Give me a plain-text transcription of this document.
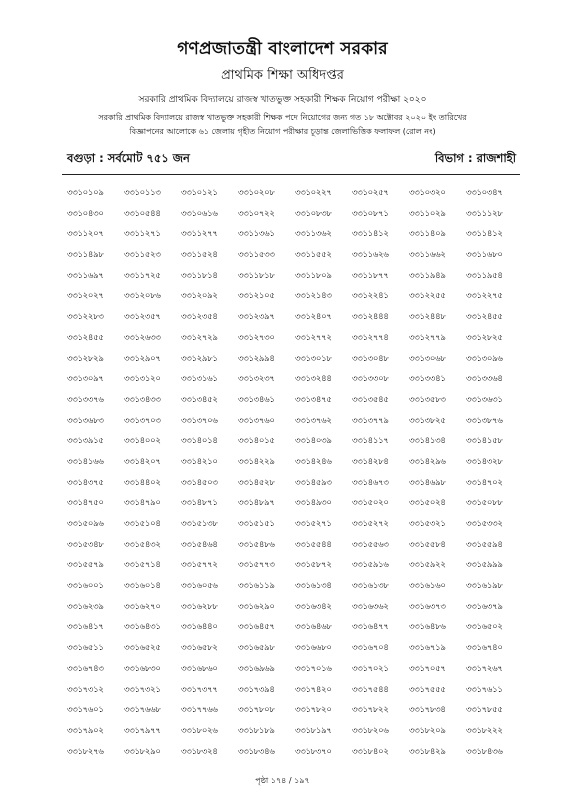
গণপ্রজাতন্ত্রী বাংলাদেশ সরকার
প্রাথমিক শিক্ষা অধিদপ্তর
সরকারি প্রাথমিক বিদ্যালয়ে রাজস্ব খাতভুক্ত সহকারী শিক্ষক নিয়োগ পরীক্ষা ২০২০
সরকারি প্রাথমিক বিদ্যালয়ে রাজস্ব খাতভুক্ত সহকারী শিক্ষক পদে নিয়োগের জন্য গত ১৮ অক্টোবর ২০২০ ইং তারিখের
বিজ্ঞাপনের আলোকে ৬১ জেলায় গৃহীত নিয়োগ পরীক্ষার চূড়ান্ত জেলাভিত্তিক ফলাফল (রোল নং)
বগুড়া : সর্বমোট ৭৫১ জন	বিভাগ : রাজশাহী
৩৩১০১০৯	৩৩১০১১৩	৩৩১০১২১	৩৩১০২০৮	৩৩১০২২৭	৩৩১০২৫৭	৩৩১০৩২০	৩৩১০৩৪৭
৩৩১০৪৩০	৩৩১০৫৪৪	৩৩১০৬১৬	৩৩১০৭২২	৩৩১০৮৩৮	৩৩১০৮৭১	৩৩১১০২৯	৩৩১১১২৮
৩৩১১২০৭	৩৩১১২৭১	৩৩১১২৭৭	৩৩১১৩৬১	৩৩১১৩৬২	৩৩১১৪১২	৩৩১১৪০৯	৩৩১১৪১২
৩৩১১৪৯৮	৩৩১১৫২৩	৩৩১১৫২৪	৩৩১১৫৩৩	৩৩১১৫৫২	৩৩১১৬২৬	৩৩১১৬৬২	৩৩১১৬৮০
৩৩১১৬৯৭	৩৩১১৭২৫	৩৩১১৮১৪	৩৩১১৮১৮	৩৩১১৮০৯	৩৩১১৮৭৭	৩৩১১৯৪৯	৩৩১১৯৫৪
৩৩১২০২৭	৩৩১২০৮৬	৩৩১২০৯২	৩৩১২১০৫	৩৩১২১৪৩	৩৩১২২৪১	৩৩১২২৫৫	৩৩১২২৭৫
৩৩১২২৮৩	৩৩১২৩৫৭	৩৩১২৩৫৪	৩৩১২৩৯৭	৩৩১২৪০৭	৩৩১২৪৪৪	৩৩১২৪৪৮	৩৩১২৪৫৫
৩৩১২৪৫৫	৩৩১২৬৩৩	৩৩১২৭২৯	৩৩১২৭৩০	৩৩১২৭৭২	৩৩১২৭৭৪	৩৩১২৭৭৯	৩৩১২৮২৫
৩৩১২৮২৯	৩৩১২৯০৭	৩৩১২৯৮১	৩৩১২৯৯৪	৩৩১৩০১৮	৩৩১৩০৪৮	৩৩১৩০৬৮	৩৩১৩০৯৬
৩৩১৩০৯৭	৩৩১৩১২০	৩৩১৩১৬১	৩৩১৩২৩৭	৩৩১৩২৪৪	৩৩১৩৩০৮	৩৩১৩৩৪১	৩৩১৩৩৬৪
৩৩১৩৩৭৬	৩৩১৩৪৩৩	৩৩১৩৪৫২	৩৩১৩৪৬১	৩৩১৩৪৭৫	৩৩১৩৫৪৫	৩৩১৩৫৮৩	৩৩১৩৬৩১
৩৩১৩৬৮৩	৩৩১৩৭০৩	৩৩১৩৭০৬	৩৩১৩৭৬০	৩৩১৩৭৬২	৩৩১৩৭৭৯	৩৩১৩৮২৫	৩৩১৩৮৭৬
৩৩১৩৯১৫	৩৩১৪০০২	৩৩১৪০১৪	৩৩১৪০১৫	৩৩১৪০৩৯	৩৩১৪১১৭	৩৩১৪১৩৪	৩৩১৪১৫৮
৩৩১৪১৬৬	৩৩১৪২০৭	৩৩১৪২১০	৩৩১৪২২৯	৩৩১৪২৪৬	৩৩১৪২৮৪	৩৩১৪২৯৬	৩৩১৪৩২৮
৩৩১৪৩৭৫	৩৩১৪৪০২	৩৩১৪৫০৩	৩৩১৪৫২৮	৩৩১৪৫৯৩	৩৩১৪৬৭৩	৩৩১৪৬৯৮	৩৩১৪৭০২
৩৩১৪৭৫০	৩৩১৪৭৯০	৩৩১৪৮৭১	৩৩১৪৮৯৭	৩৩১৪৯৩০	৩৩১৫০২০	৩৩১৫০২৪	৩৩১৫০৮৮
৩৩১৫০৯৬	৩৩১৫১০৪	৩৩১৫১৩৮	৩৩১৫১৫১	৩৩১৫২৭১	৩৩১৫২৭২	৩৩১৫৩২১	৩৩১৫৩৩২
৩৩১৫৩৪৮	৩৩১৫৪৩২	৩৩১৫৪৬৪	৩৩১৫৪৮৬	৩৩১৫৫৪৪	৩৩১৫৫৬৩	৩৩১৫৫৮৪	৩৩১৫৫৯৪
৩৩১৫৫৭৯	৩৩১৫৭১৪	৩৩১৫৭৭২	৩৩১৫৭৭৩	৩৩১৫৮৭২	৩৩১৫৯১৬	৩৩১৫৯২২	৩৩১৫৯৯৯
৩৩১৬০০১	৩৩১৬০১৪	৩৩১৬০৫৬	৩৩১৬১১৯	৩৩১৬১৩৪	৩৩১৬১৩৮	৩৩১৬১৬০	৩৩১৬১৯৮
৩৩১৬২৩৯	৩৩১৬২৭০	৩৩১৬২৮৮	৩৩১৬২৯০	৩৩১৬৩৪২	৩৩১৬৩৬২	৩৩১৬৩৭৩	৩৩১৬৩৭৯
৩৩১৬৪১৭	৩৩১৬৪৩১	৩৩১৬৪৪০	৩৩১৬৪৫৭	৩৩১৬৪৬৮	৩৩১৬৪৭৭	৩৩১৬৪৮৬	৩৩১৬৫০২
৩৩১৬৫১১	৩৩১৬৫২৫	৩৩১৬৫৮২	৩৩১৬৫৯৮	৩৩১৬৬৮০	৩৩১৬৭০৪	৩৩১৬৭১৯	৩৩১৬৭৪০
৩৩১৬৭৪৩	৩৩১৬৮৩০	৩৩১৬৮৬০	৩৩১৬৯৬৯	৩৩১৭০১৬	৩৩১৭০২১	৩৩১৭০৫৭	৩৩১৭২৬৭
৩৩১৭৩১২	৩৩১৭৩২১	৩৩১৭৩৭৭	৩৩১৭৩৯৪	৩৩১৭৪২০	৩৩১৭৫৪৪	৩৩১৭৫৫৫	৩৩১৭৬১১
৩৩১৭৬০১	৩৩১৭৬৬৮	৩৩১৭৭৬৬	৩৩১৭৮০৮	৩৩১৭৮২০	৩৩১৭৮২২	৩৩১৭৮৩৪	৩৩১৭৮৫৫
৩৩১৭৯০২	৩৩১৭৯৭৭	৩৩১৮০২৬	৩৩১৮১৮৯	৩৩১৮১৯৭	৩৩১৮২০৬	৩৩১৮২০৯	৩৩১৮২২২
৩৩১৮২৭৬	৩৩১৮২৯০	৩৩১৮৩২৪	৩৩১৮৩৪৬	৩৩১৮৩৭০	৩৩১৮৪০২	৩৩১৮৪২৯	৩৩১৮৪৩৬
পৃষ্ঠা ১৭৪ / ১৯৭
